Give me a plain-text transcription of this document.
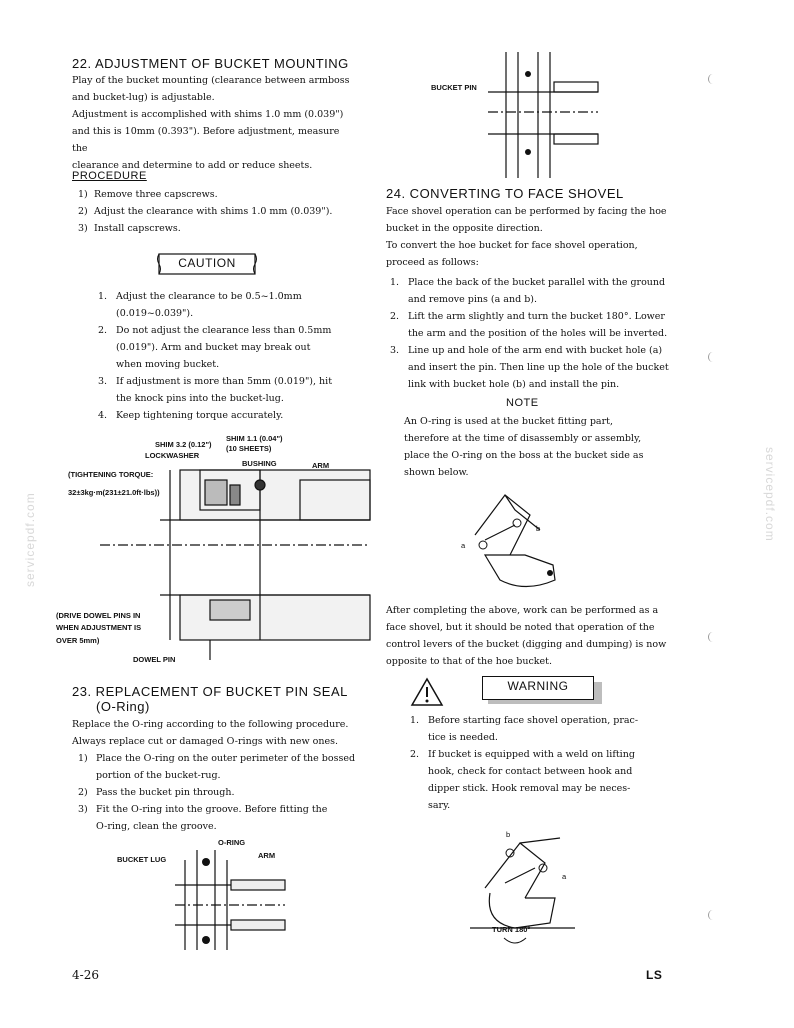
servicepdf.com	servicepdf.com
22. ADJUSTMENT OF BUCKET MOUNTING
Play of the bucket mounting (clearance between armboss
and bucket-lug) is adjustable.
Adjustment is accomplished with shims 1.0 mm (0.039")
and this is 10mm (0.393"). Before adjustment, measure the
clearance and determine to add or reduce sheets.
PROCEDURE
1) Remove three capscrews.
2) Adjust the clearance with shims 1.0 mm (0.039").
3) Install capscrews.
CAUTION
1. Adjust the clearance to be 0.5~1.0mm
(0.019~0.039").
2. Do not adjust the clearance less than 0.5mm
(0.019"). Arm and bucket may break out
when moving bucket.
3. If adjustment is more than 5mm (0.019"), hit
the knock pins into the bucket-lug.
4. Keep tightening torque accurately.
SHIM 3.2 (0.12")
SHIM 1.1 (0.04")
(10 SHEETS)
LOCKWASHER
BUSHING	ARM
(TIGHTENING TORQUE:
32±3kg·m(231±21.0ft·lbs))
(DRIVE DOWEL PINS IN
WHEN ADJUSTMENT IS
OVER 5mm)
DOWEL PIN
23. REPLACEMENT OF BUCKET PIN SEAL
(O-Ring)
Replace the O-ring according to the following procedure.
Always replace cut or damaged O-rings with new ones.
1) Place the O-ring on the outer perimeter of the bossed
portion of the bucket-rug.
2) Pass the bucket pin through.
3) Fit the O-ring into the groove. Before fitting the
O-ring, clean the groove.
O-RING
ARM
BUCKET LUG
BUCKET PIN
24. CONVERTING TO FACE SHOVEL
Face shovel operation can be performed by facing the hoe
bucket in the opposite direction.
To convert the hoe bucket for face shovel operation,
proceed as follows:
1. Place the back of the bucket parallel with the ground
and remove pins (a and b).
2. Lift the arm slightly and turn the bucket 180°. Lower
the arm and the position of the holes will be inverted.
3. Line up and hole of the arm end with bucket hole (a)
and insert the pin. Then line up the hole of the bucket
link with bucket hole (b) and install the pin.
NOTE
An O-ring is used at the bucket fitting part,
therefore at the time of disassembly or assembly,
place the O-ring on the boss at the bucket side as
shown below.
b
a
After completing the above, work can be performed as a
face shovel, but it should be noted that operation of the
control levers of the bucket (digging and dumping) is now
opposite to that of the hoe bucket.
WARNING
1. Before starting face shovel operation, prac-
tice is needed.
2. If bucket is equipped with a weld on lifting
hook, check for contact between hook and
dipper stick. Hook removal may be neces-
sary.
b
a
TURN 180°
4-26	LS
